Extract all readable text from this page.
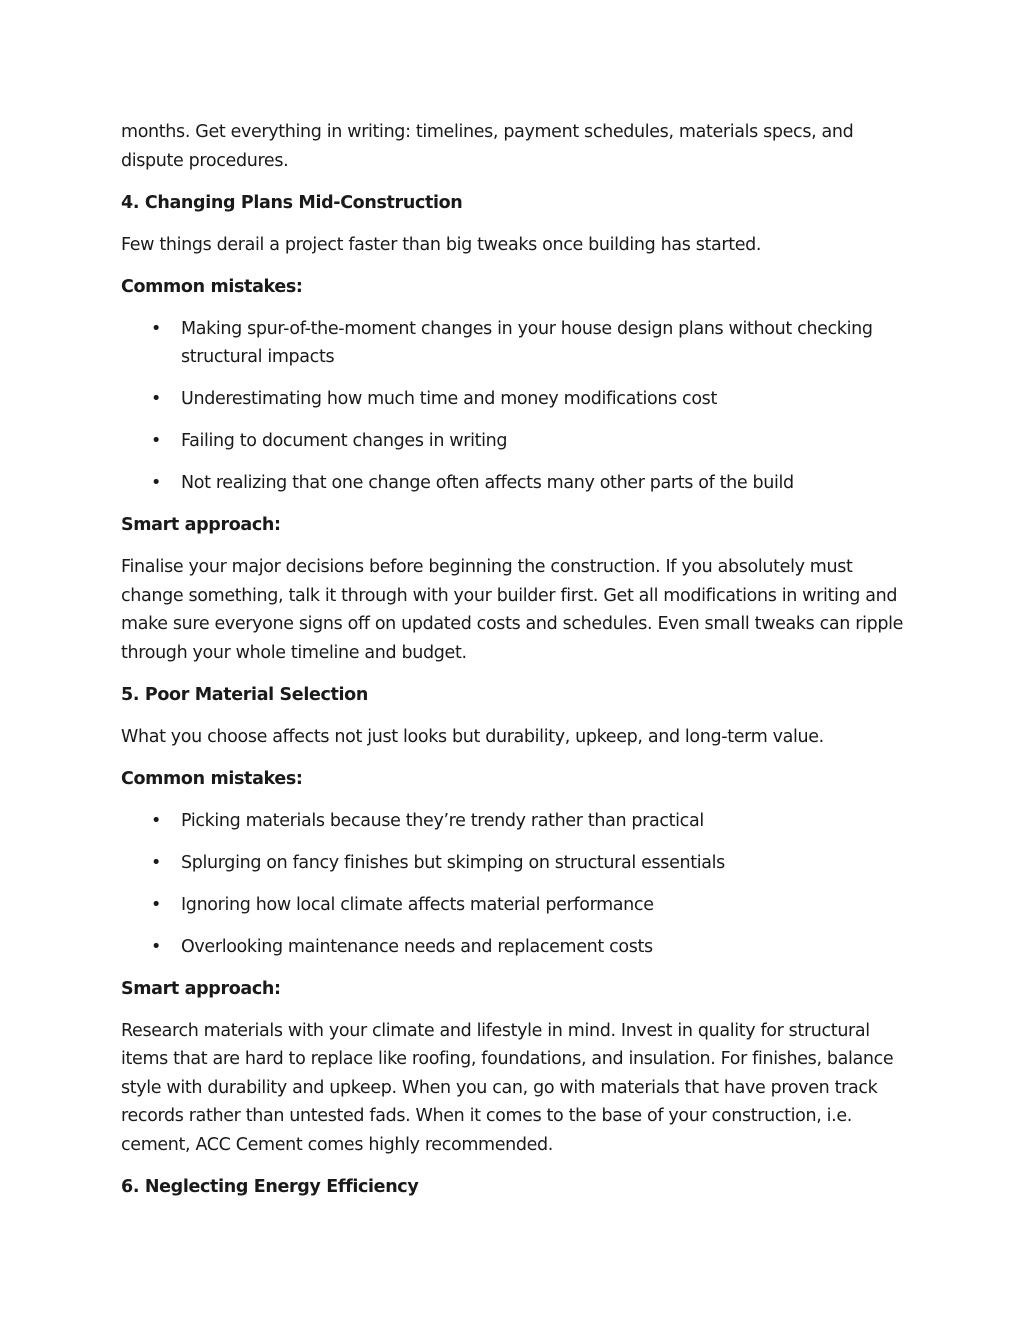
months. Get everything in writing: timelines, payment schedules, materials specs, and dispute procedures.

4. Changing Plans Mid-Construction

Few things derail a project faster than big tweaks once building has started.

Common mistakes:

• Making spur-of-the-moment changes in your house design plans without checking structural impacts
• Underestimating how much time and money modifications cost
• Failing to document changes in writing
• Not realizing that one change often affects many other parts of the build

Smart approach:

Finalise your major decisions before beginning the construction. If you absolutely must change something, talk it through with your builder first. Get all modifications in writing and make sure everyone signs off on updated costs and schedules. Even small tweaks can ripple through your whole timeline and budget.

5. Poor Material Selection

What you choose affects not just looks but durability, upkeep, and long-term value.

Common mistakes:

• Picking materials because they’re trendy rather than practical
• Splurging on fancy finishes but skimping on structural essentials
• Ignoring how local climate affects material performance
• Overlooking maintenance needs and replacement costs

Smart approach:

Research materials with your climate and lifestyle in mind. Invest in quality for structural items that are hard to replace like roofing, foundations, and insulation. For finishes, balance style with durability and upkeep. When you can, go with materials that have proven track records rather than untested fads. When it comes to the base of your construction, i.e. cement, ACC Cement comes highly recommended.

6. Neglecting Energy Efficiency
